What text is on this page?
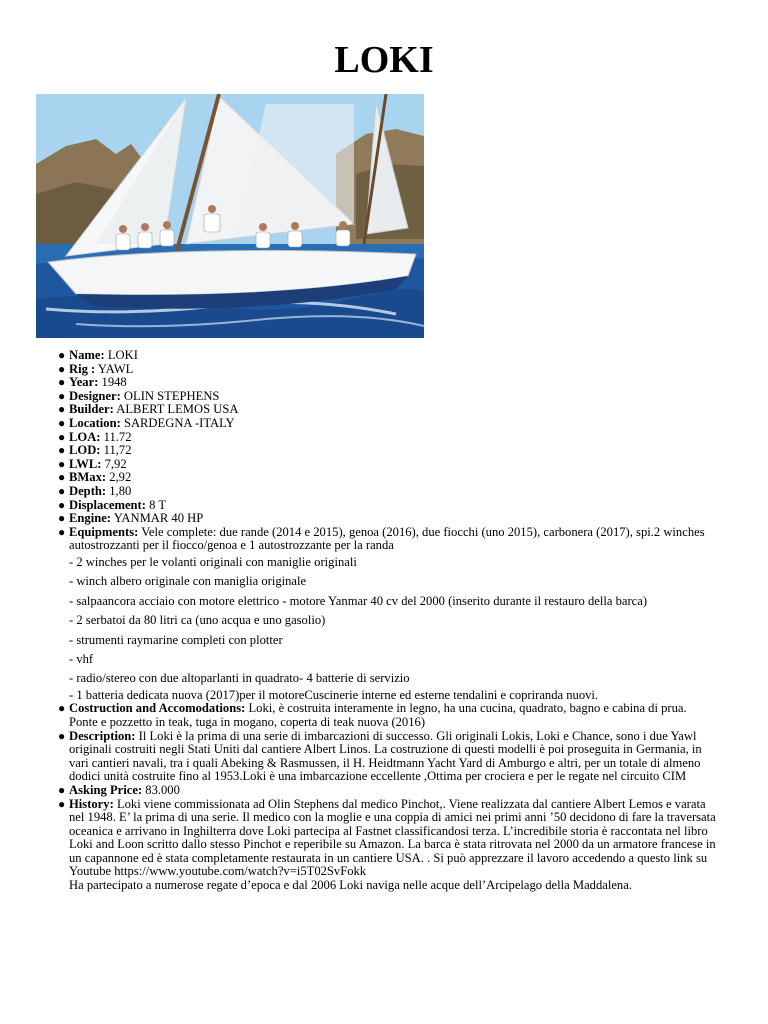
LOKI
● Name: LOKI
● Rig : YAWL
● Year: 1948
● Designer: OLIN STEPHENS
● Builder: ALBERT LEMOS USA
● Location: SARDEGNA -ITALY
● LOA: 11.72
● LOD: 11,72
● LWL: 7,92
● BMax: 2,92
● Depth: 1,80
● Displacement: 8 T
● Engine: YANMAR 40 HP
● Equipments: Vele complete: due rande (2014 e 2015), genoa (2016), due fiocchi (uno 2015), carbonera (2017), spi.2 winches autostrozzanti per il fiocco/genoa e 1 autostrozzante per la randa
- 2 winches per le volanti originali con maniglie originali
- winch albero originale con maniglia originale
- salpaancora acciaio con motore elettrico - motore Yanmar 40 cv del 2000 (inserito durante il restauro della barca)
- 2 serbatoi da 80 litri ca (uno acqua e uno gasolio)
- strumenti raymarine completi con plotter
- vhf
- radio/stereo con due altoparlanti in quadrato- 4 batterie di servizio
- 1 batteria dedicata nuova (2017)per il motoreCuscinerie interne ed esterne tendalini e copriranda nuovi.
● Costruction and Accomodations: Loki, è costruita interamente in legno, ha una cucina, quadrato, bagno e cabina di prua. Ponte e pozzetto in teak, tuga in mogano, coperta di teak nuova (2016)
● Description: Il Loki è la prima di una serie di imbarcazioni di successo. Gli originali Lokis, Loki e Chance, sono i due Yawl originali costruiti negli Stati Uniti dal cantiere Albert Linos. La costruzione di questi modelli è poi proseguita in Germania, in vari cantieri navali, tra i quali Abeking & Rasmussen, il H. Heidtmann Yacht Yard di Amburgo e altri, per un totale di almeno dodici unità costruite fino al 1953.Loki è una imbarcazione eccellente ,Ottima per crociera e per le regate nel circuito CIM
● Asking Price: 83.000
● History: Loki viene commissionata ad Olin Stephens dal medico Pinchot,. Viene realizzata dal cantiere Albert Lemos e varata nel 1948. E’ la prima di una serie. Il medico con la moglie e una coppia di amici nei primi anni ’50 decidono di fare la traversata oceanica e arrivano in Inghilterra dove Loki partecipa al Fastnet classificandosi terza. L’incredibile storia è raccontata nel libro Loki and Loon scritto dallo stesso Pinchot e reperibile su Amazon. La barca è stata ritrovata nel 2000 da un armatore francese in un capannone ed è stata completamente restaurata in un cantiere USA. . Si può apprezzare il lavoro accedendo a questo link su Youtube https://www.youtube.com/watch?v=i5T02SvFokk
Ha partecipato a numerose regate d’epoca e dal 2006 Loki naviga nelle acque dell’Arcipelago della Maddalena.
